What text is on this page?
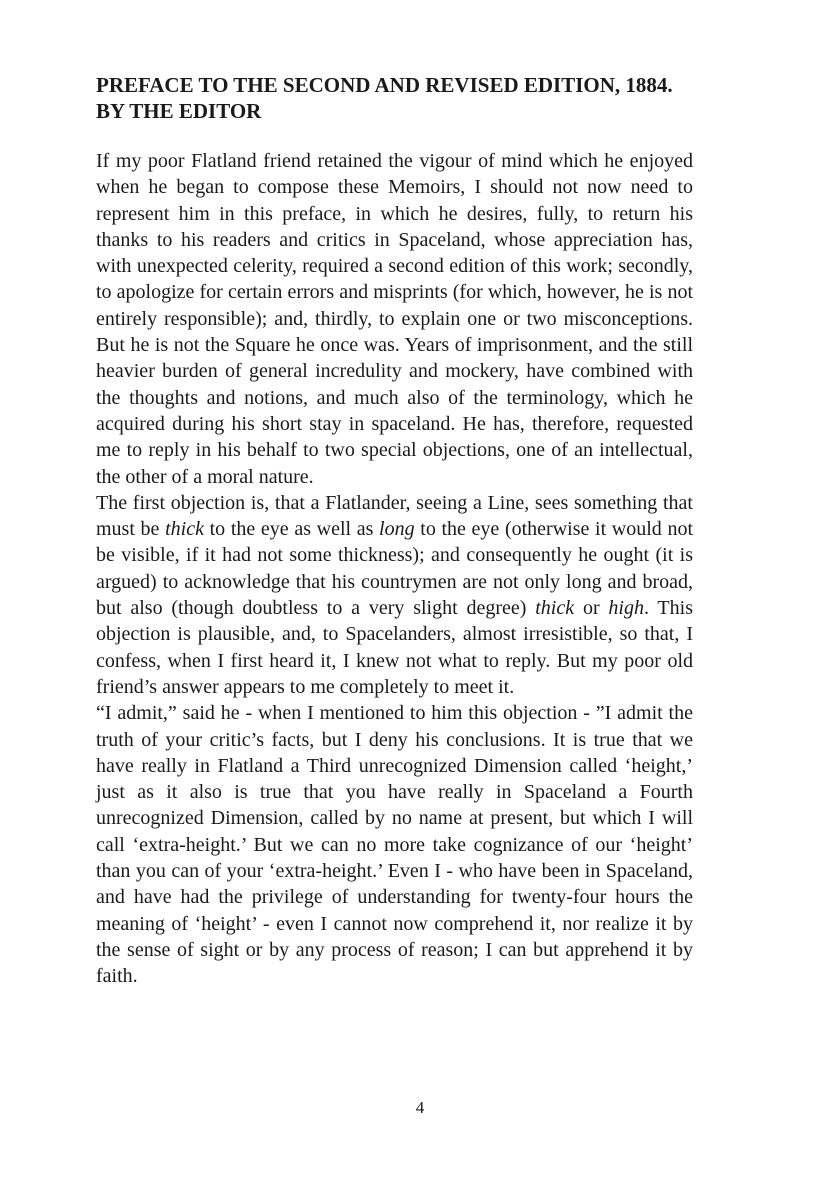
PREFACE TO THE SECOND AND REVISED EDITION, 1884.
BY THE EDITOR

If my poor Flatland friend retained the vigour of mind which he enjoyed when he began to compose these Memoirs, I should not now need to represent him in this preface, in which he desires, fully, to return his thanks to his readers and critics in Spaceland, whose appreciation has, with unexpected celerity, required a second edition of this work; secondly, to apologize for certain errors and misprints (for which, however, he is not entirely responsible); and, thirdly, to explain one or two misconceptions. But he is not the Square he once was. Years of imprisonment, and the still heavier burden of general incredulity and mockery, have combined with the thoughts and notions, and much also of the terminology, which he acquired during his short stay in spaceland. He has, therefore, requested me to reply in his behalf to two special objections, one of an intellectual, the other of a moral nature.

The first objection is, that a Flatlander, seeing a Line, sees something that must be thick to the eye as well as long to the eye (otherwise it would not be visible, if it had not some thickness); and consequently he ought (it is argued) to acknowledge that his countrymen are not only long and broad, but also (though doubtless to a very slight degree) thick or high. This objection is plausible, and, to Spacelanders, almost irresistible, so that, I confess, when I first heard it, I knew not what to reply. But my poor old friend’s answer appears to me completely to meet it.

“I admit,” said he - when I mentioned to him this objection - ”I admit the truth of your critic’s facts, but I deny his conclusions. It is true that we have really in Flatland a Third unrecognized Dimension called ‘height,’ just as it also is true that you have really in Spaceland a Fourth unrecognized Dimension, called by no name at present, but which I will call ‘extra-height.’ But we can no more take cognizance of our ‘height’ than you can of your ‘extra-height.’ Even I - who have been in Spaceland, and have had the privilege of understanding for twenty-four hours the meaning of ‘height’ - even I cannot now comprehend it, nor realize it by the sense of sight or by any process of reason; I can but apprehend it by faith.

4
